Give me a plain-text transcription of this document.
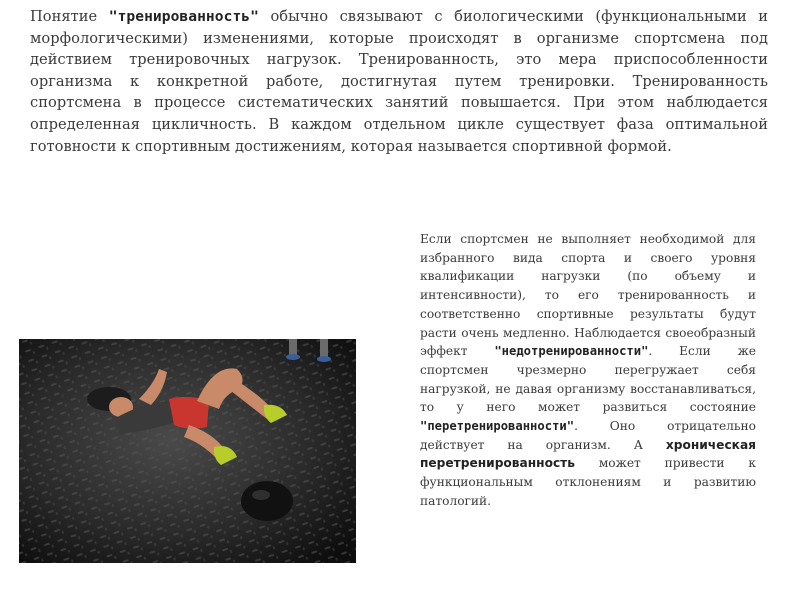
Понятие "тренированность" обычно связывают с биологическими (функциональными и морфологическими) изменениями, которые происходят в организме спортсмена под действием тренировочных нагрузок. Тренированность, это мера приспособленности организма к конкретной работе, достигнутая путем тренировки. Тренированность спортсмена в процессе систематических занятий повышается. При этом наблюдается определенная цикличность. В каждом отдельном цикле существует фаза оптимальной готовности к спортивным достижениям, которая называется спортивной формой.

Если спортсмен не выполняет необходимой для избранного вида спорта и своего уровня квалификации нагрузки (по объему и интенсивности), то его тренированность и соответственно спортивные результаты будут расти очень медленно. Наблюдается своеобразный эффект "недотренированности". Если же спортсмен чрезмерно перегружает себя нагрузкой, не давая организму восстанавливаться, то у него может развиться состояние "перетренированности". Оно отрицательно действует на организм. А хроническая перетренированность может привести к функциональным отклонениям и развитию патологий.
